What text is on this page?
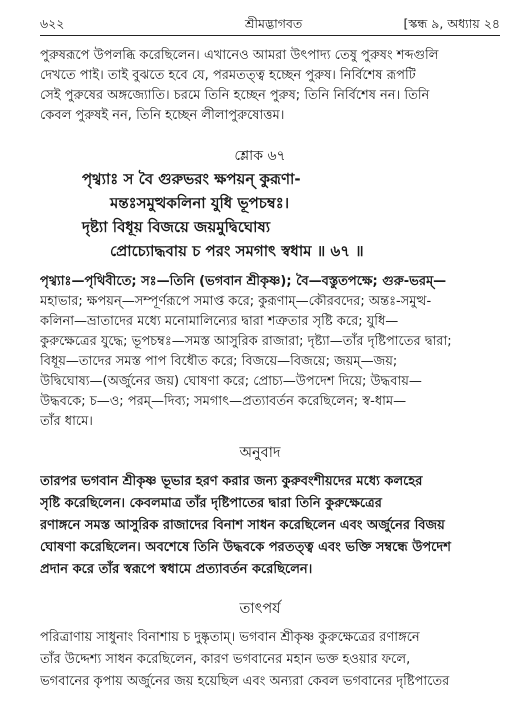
৬২২	শ্রীমদ্ভাগবত	[স্কন্ধ ৯, অধ্যায় ২৪
পুরুষরূপে উপলব্ধি করেছিলেন। এখানেও আমরা উৎপাদ্য তেষু পুরুষং শব্দগুলি
দেখতে পাই। তাই বুঝতে হবে যে, পরমতত্ত্ব হচ্ছেন পুরুষ। নির্বিশেষ রূপটি
সেই পুরুষের অঙ্গজ্যোতি। চরমে তিনি হচ্ছেন পুরুষ; তিনি নির্বিশেষ নন। তিনি
কেবল পুরুষই নন, তিনি হচ্ছেন লীলাপুরুষোত্তম।
শ্লোক ৬৭
পৃথ্ব্যাঃ স বৈ গুরুভরং ক্ষপয়ন্ কুরূণা-
মন্তঃসমুত্থকলিনা যুধি ভূপচম্বঃ।
দৃষ্ট্যা বিধূয় বিজয়ে জয়মুদ্বিঘোষ্য
প্রোচ্যোদ্ধবায় চ পরং সমগাৎ স্বধাম ॥ ৬৭ ॥
পৃথ্ব্যাঃ—পৃথিবীতে; সঃ—তিনি (ভগবান শ্রীকৃষ্ণ); বৈ—বস্তুতপক্ষে; গুরু-ভরম্—
মহাভার; ক্ষপয়ন্—সম্পূর্ণরূপে সমাপ্ত করে; কুরূণাম্—কৌরবদের; অন্তঃ-সমুত্থ-
কলিনা—ভ্রাতাদের মধ্যে মনোমালিন্যের দ্বারা শত্রুতার সৃষ্টি করে; যুধি—
কুরুক্ষেত্রের যুদ্ধে; ভূপচম্বঃ—সমস্ত আসুরিক রাজারা; দৃষ্ট্যা—তাঁর দৃষ্টিপাতের দ্বারা;
বিধূয়—তাদের সমস্ত পাপ বিধৌত করে; বিজয়ে—বিজয়ে; জয়ম্—জয়;
উদ্বিঘোষ্য—(অর্জুনের জয়) ঘোষণা করে; প্রোচ্য—উপদেশ দিয়ে; উদ্ধবায়—
উদ্ধবকে; চ—ও; পরম্—দিব্য; সমগাৎ—প্রত্যাবর্তন করেছিলেন; স্ব-ধাম—
তাঁর ধামে।
অনুবাদ
তারপর ভগবান শ্রীকৃষ্ণ ভূভার হরণ করার জন্য কুরুবংশীয়দের মধ্যে কলহের
সৃষ্টি করেছিলেন। কেবলমাত্র তাঁর দৃষ্টিপাতের দ্বারা তিনি কুরুক্ষেত্রের
রণাঙ্গনে সমস্ত আসুরিক রাজাদের বিনাশ সাধন করেছিলেন এবং অর্জুনের বিজয়
ঘোষণা করেছিলেন। অবশেষে তিনি উদ্ধবকে পরতত্ত্ব এবং ভক্তি সম্বন্ধে উপদেশ
প্রদান করে তাঁর স্বরূপে স্বধামে প্রত্যাবর্তন করেছিলেন।
তাৎপর্য
পরিত্রাণায় সাধুনাং বিনাশায় চ দুষ্কৃতাম্। ভগবান শ্রীকৃষ্ণ কুরুক্ষেত্রের রণাঙ্গনে
তাঁর উদ্দেশ্য সাধন করেছিলেন, কারণ ভগবানের মহান ভক্ত হওয়ার ফলে,
ভগবানের কৃপায় অর্জুনের জয় হয়েছিল এবং অন্যরা কেবল ভগবানের দৃষ্টিপাতের
